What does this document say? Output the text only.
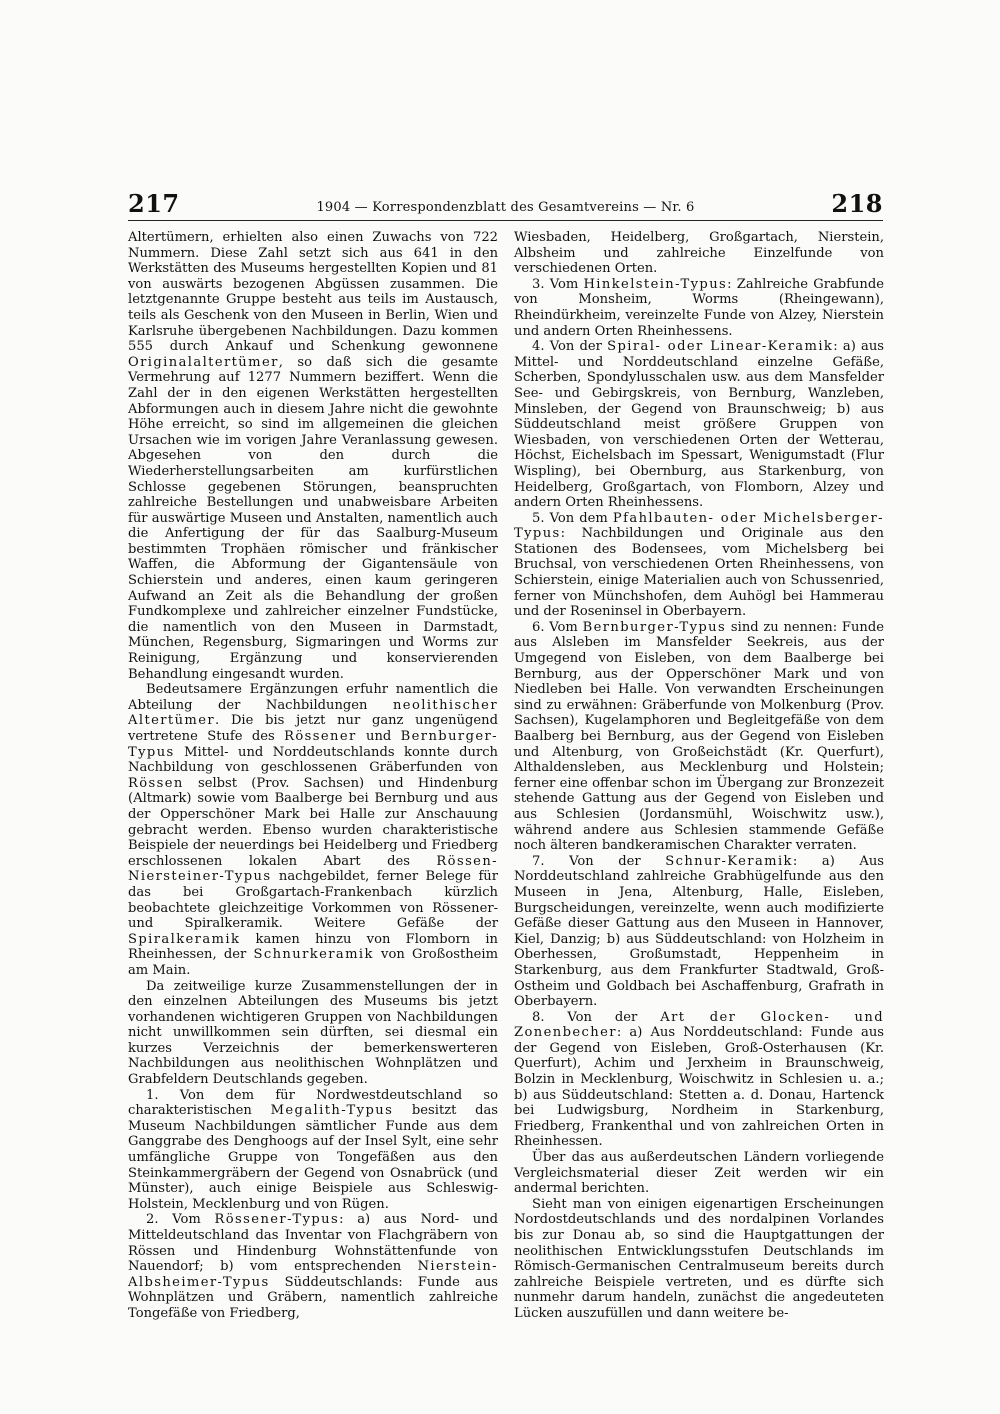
217	1904 — Korrespondenzblatt des Gesamtvereins — Nr. 6	218

Altertümern, erhielten also einen Zuwachs von 722 Nummern. Diese Zahl setzt sich aus 641 in den Werkstätten des Museums hergestellten Kopien und 81 von auswärts bezogenen Abgüssen zusammen. Die letztgenannte Gruppe besteht aus teils im Austausch, teils als Geschenk von den Museen in Berlin, Wien und Karlsruhe übergebenen Nachbildungen. Dazu kommen 555 durch Ankauf und Schenkung gewonnene Originalaltertümer, so daß sich die gesamte Vermehrung auf 1277 Nummern beziffert. Wenn die Zahl der in den eigenen Werkstätten hergestellten Abformungen auch in diesem Jahre nicht die gewohnte Höhe erreicht, so sind im allgemeinen die gleichen Ursachen wie im vorigen Jahre Veranlassung gewesen. Abgesehen von den durch die Wiederherstellungsarbeiten am kurfürstlichen Schlosse gegebenen Störungen, beanspruchten zahlreiche Bestellungen und unabweisbare Arbeiten für auswärtige Museen und Anstalten, namentlich auch die Anfertigung der für das Saalburg-Museum bestimmten Trophäen römischer und fränkischer Waffen, die Abformung der Gigantensäule von Schierstein und anderes, einen kaum geringeren Aufwand an Zeit als die Behandlung der großen Fundkomplexe und zahlreicher einzelner Fundstücke, die namentlich von den Museen in Darmstadt, München, Regensburg, Sigmaringen und Worms zur Reinigung, Ergänzung und konservierenden Behandlung eingesandt wurden.

Bedeutsamere Ergänzungen erfuhr namentlich die Abteilung der Nachbildungen neolithischer Altertümer. Die bis jetzt nur ganz ungenügend vertretene Stufe des Rössener und Bernburger-Typus Mittel- und Norddeutschlands konnte durch Nachbildung von geschlossenen Gräberfunden von Rössen selbst (Prov. Sachsen) und Hindenburg (Altmark) sowie vom Baalberge bei Bernburg und aus der Opperschöner Mark bei Halle zur Anschauung gebracht werden. Ebenso wurden charakteristische Beispiele der neuerdings bei Heidelberg und Friedberg erschlossenen lokalen Abart des Rössen-Niersteiner-Typus nachgebildet, ferner Belege für das bei Großgartach-Frankenbach kürzlich beobachtete gleichzeitige Vorkommen von Rössener- und Spiralkeramik. Weitere Gefäße der Spiralkeramik kamen hinzu von Flomborn in Rheinhessen, der Schnurkeramik von Großostheim am Main.

Da zeitweilige kurze Zusammenstellungen der in den einzelnen Abteilungen des Museums bis jetzt vorhandenen wichtigeren Gruppen von Nachbildungen nicht unwillkommen sein dürften, sei diesmal ein kurzes Verzeichnis der bemerkenswerteren Nachbildungen aus neolithischen Wohnplätzen und Grabfeldern Deutschlands gegeben.

1. Von dem für Nordwestdeutschland so charakteristischen Megalith-Typus besitzt das Museum Nachbildungen sämtlicher Funde aus dem Ganggrabe des Denghoogs auf der Insel Sylt, eine sehr umfängliche Gruppe von Tongefäßen aus den Steinkammergräbern der Gegend von Osnabrück (und Münster), auch einige Beispiele aus Schleswig-Holstein, Mecklenburg und von Rügen.

2. Vom Rössener-Typus: a) aus Nord- und Mitteldeutschland das Inventar von Flachgräbern von Rössen und Hindenburg Wohnstättenfunde von Nauendorf; b) vom entsprechenden Nierstein-Albsheimer-Typus Süddeutschlands: Funde aus Wohnplätzen und Gräbern, namentlich zahlreiche Tongefäße von Friedberg,

Wiesbaden, Heidelberg, Großgartach, Nierstein, Albsheim und zahlreiche Einzelfunde von verschiedenen Orten.

3. Vom Hinkelstein-Typus: Zahlreiche Grabfunde von Monsheim, Worms (Rheingewann), Rheindürkheim, vereinzelte Funde von Alzey, Nierstein und andern Orten Rheinhessens.

4. Von der Spiral- oder Linear-Keramik: a) aus Mittel- und Norddeutschland einzelne Gefäße, Scherben, Spondylusschalen usw. aus dem Mansfelder See- und Gebirgskreis, von Bernburg, Wanzleben, Minsleben, der Gegend von Braunschweig; b) aus Süddeutschland meist größere Gruppen von Wiesbaden, von verschiedenen Orten der Wetterau, Höchst, Eichelsbach im Spessart, Wenigumstadt (Flur Wispling), bei Obernburg, aus Starkenburg, von Heidelberg, Großgartach, von Flomborn, Alzey und andern Orten Rheinhessens.

5. Von dem Pfahlbauten- oder Michelsberger-Typus: Nachbildungen und Originale aus den Stationen des Bodensees, vom Michelsberg bei Bruchsal, von verschiedenen Orten Rheinhessens, von Schierstein, einige Materialien auch von Schussenried, ferner von Münchshofen, dem Auhögl bei Hammerau und der Roseninsel in Oberbayern.

6. Vom Bernburger-Typus sind zu nennen: Funde aus Alsleben im Mansfelder Seekreis, aus der Umgegend von Eisleben, von dem Baalberge bei Bernburg, aus der Opperschöner Mark und von Niedleben bei Halle. Von verwandten Erscheinungen sind zu erwähnen: Gräberfunde von Molkenburg (Prov. Sachsen), Kugelamphoren und Begleitgefäße von dem Baalberg bei Bernburg, aus der Gegend von Eisleben und Altenburg, von Großeichstädt (Kr. Querfurt), Althaldensleben, aus Mecklenburg und Holstein; ferner eine offenbar schon im Übergang zur Bronzezeit stehende Gattung aus der Gegend von Eisleben und aus Schlesien (Jordansmühl, Woischwitz usw.), während andere aus Schlesien stammende Gefäße noch älteren bandkeramischen Charakter verraten.

7. Von der Schnur-Keramik: a) Aus Norddeutschland zahlreiche Grabhügelfunde aus den Museen in Jena, Altenburg, Halle, Eisleben, Burgscheidungen, vereinzelte, wenn auch modifizierte Gefäße dieser Gattung aus den Museen in Hannover, Kiel, Danzig; b) aus Süddeutschland: von Holzheim in Oberhessen, Großumstadt, Heppenheim in Starkenburg, aus dem Frankfurter Stadtwald, Groß-Ostheim und Goldbach bei Aschaffenburg, Grafrath in Oberbayern.

8. Von der Art der Glocken- und Zonenbecher: a) Aus Norddeutschland: Funde aus der Gegend von Eisleben, Groß-Osterhausen (Kr. Querfurt), Achim und Jerxheim in Braunschweig, Bolzin in Mecklenburg, Woischwitz in Schlesien u. a.; b) aus Süddeutschland: Stetten a. d. Donau, Hartenck bei Ludwigsburg, Nordheim in Starkenburg, Friedberg, Frankenthal und von zahlreichen Orten in Rheinhessen.

Über das aus außerdeutschen Ländern vorliegende Vergleichsmaterial dieser Zeit werden wir ein andermal berichten.

Sieht man von einigen eigenartigen Erscheinungen Nordostdeutschlands und des nordalpinen Vorlandes bis zur Donau ab, so sind die Hauptgattungen der neolithischen Entwicklungsstufen Deutschlands im Römisch-Germanischen Centralmuseum bereits durch zahlreiche Beispiele vertreten, und es dürfte sich nunmehr darum handeln, zunächst die angedeuteten Lücken auszufüllen und dann weitere be-
